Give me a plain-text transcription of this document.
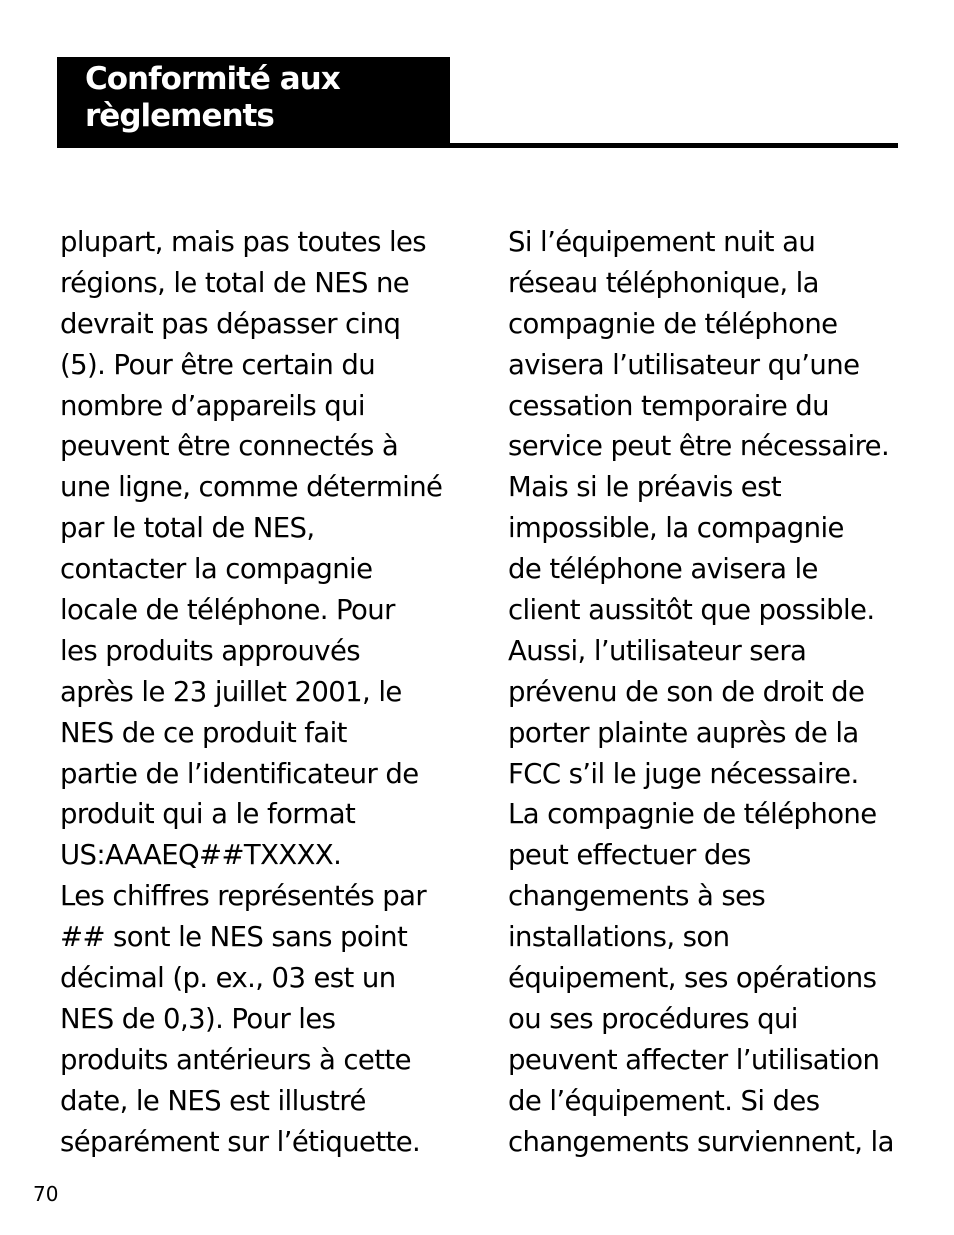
Conformité aux
règlements
plupart, mais pas toutes les
régions, le total de NES ne
devrait pas dépasser cinq
(5). Pour être certain du
nombre d’appareils qui
peuvent être connectés à
une ligne, comme déterminé
par le total de NES,
contacter la compagnie
locale de téléphone. Pour
les produits approuvés
après le 23 juillet 2001, le
NES de ce produit fait
partie de l’identificateur de
produit qui a le format
US:AAAEQ##TXXXX.
Les chiffres représentés par
## sont le NES sans point
décimal (p. ex., 03 est un
NES de 0,3). Pour les
produits antérieurs à cette
date, le NES est illustré
séparément sur l’étiquette.
Si l’équipement nuit au
réseau téléphonique, la
compagnie de téléphone
avisera l’utilisateur qu’une
cessation temporaire du
service peut être nécessaire.
Mais si le préavis est
impossible, la compagnie
de téléphone avisera le
client aussitôt que possible.
Aussi, l’utilisateur sera
prévenu de son de droit de
porter plainte auprès de la
FCC s’il le juge nécessaire.
La compagnie de téléphone
peut effectuer des
changements à ses
installations, son
équipement, ses opérations
ou ses procédures qui
peuvent affecter l’utilisation
de l’équipement. Si des
changements surviennent, la
70
